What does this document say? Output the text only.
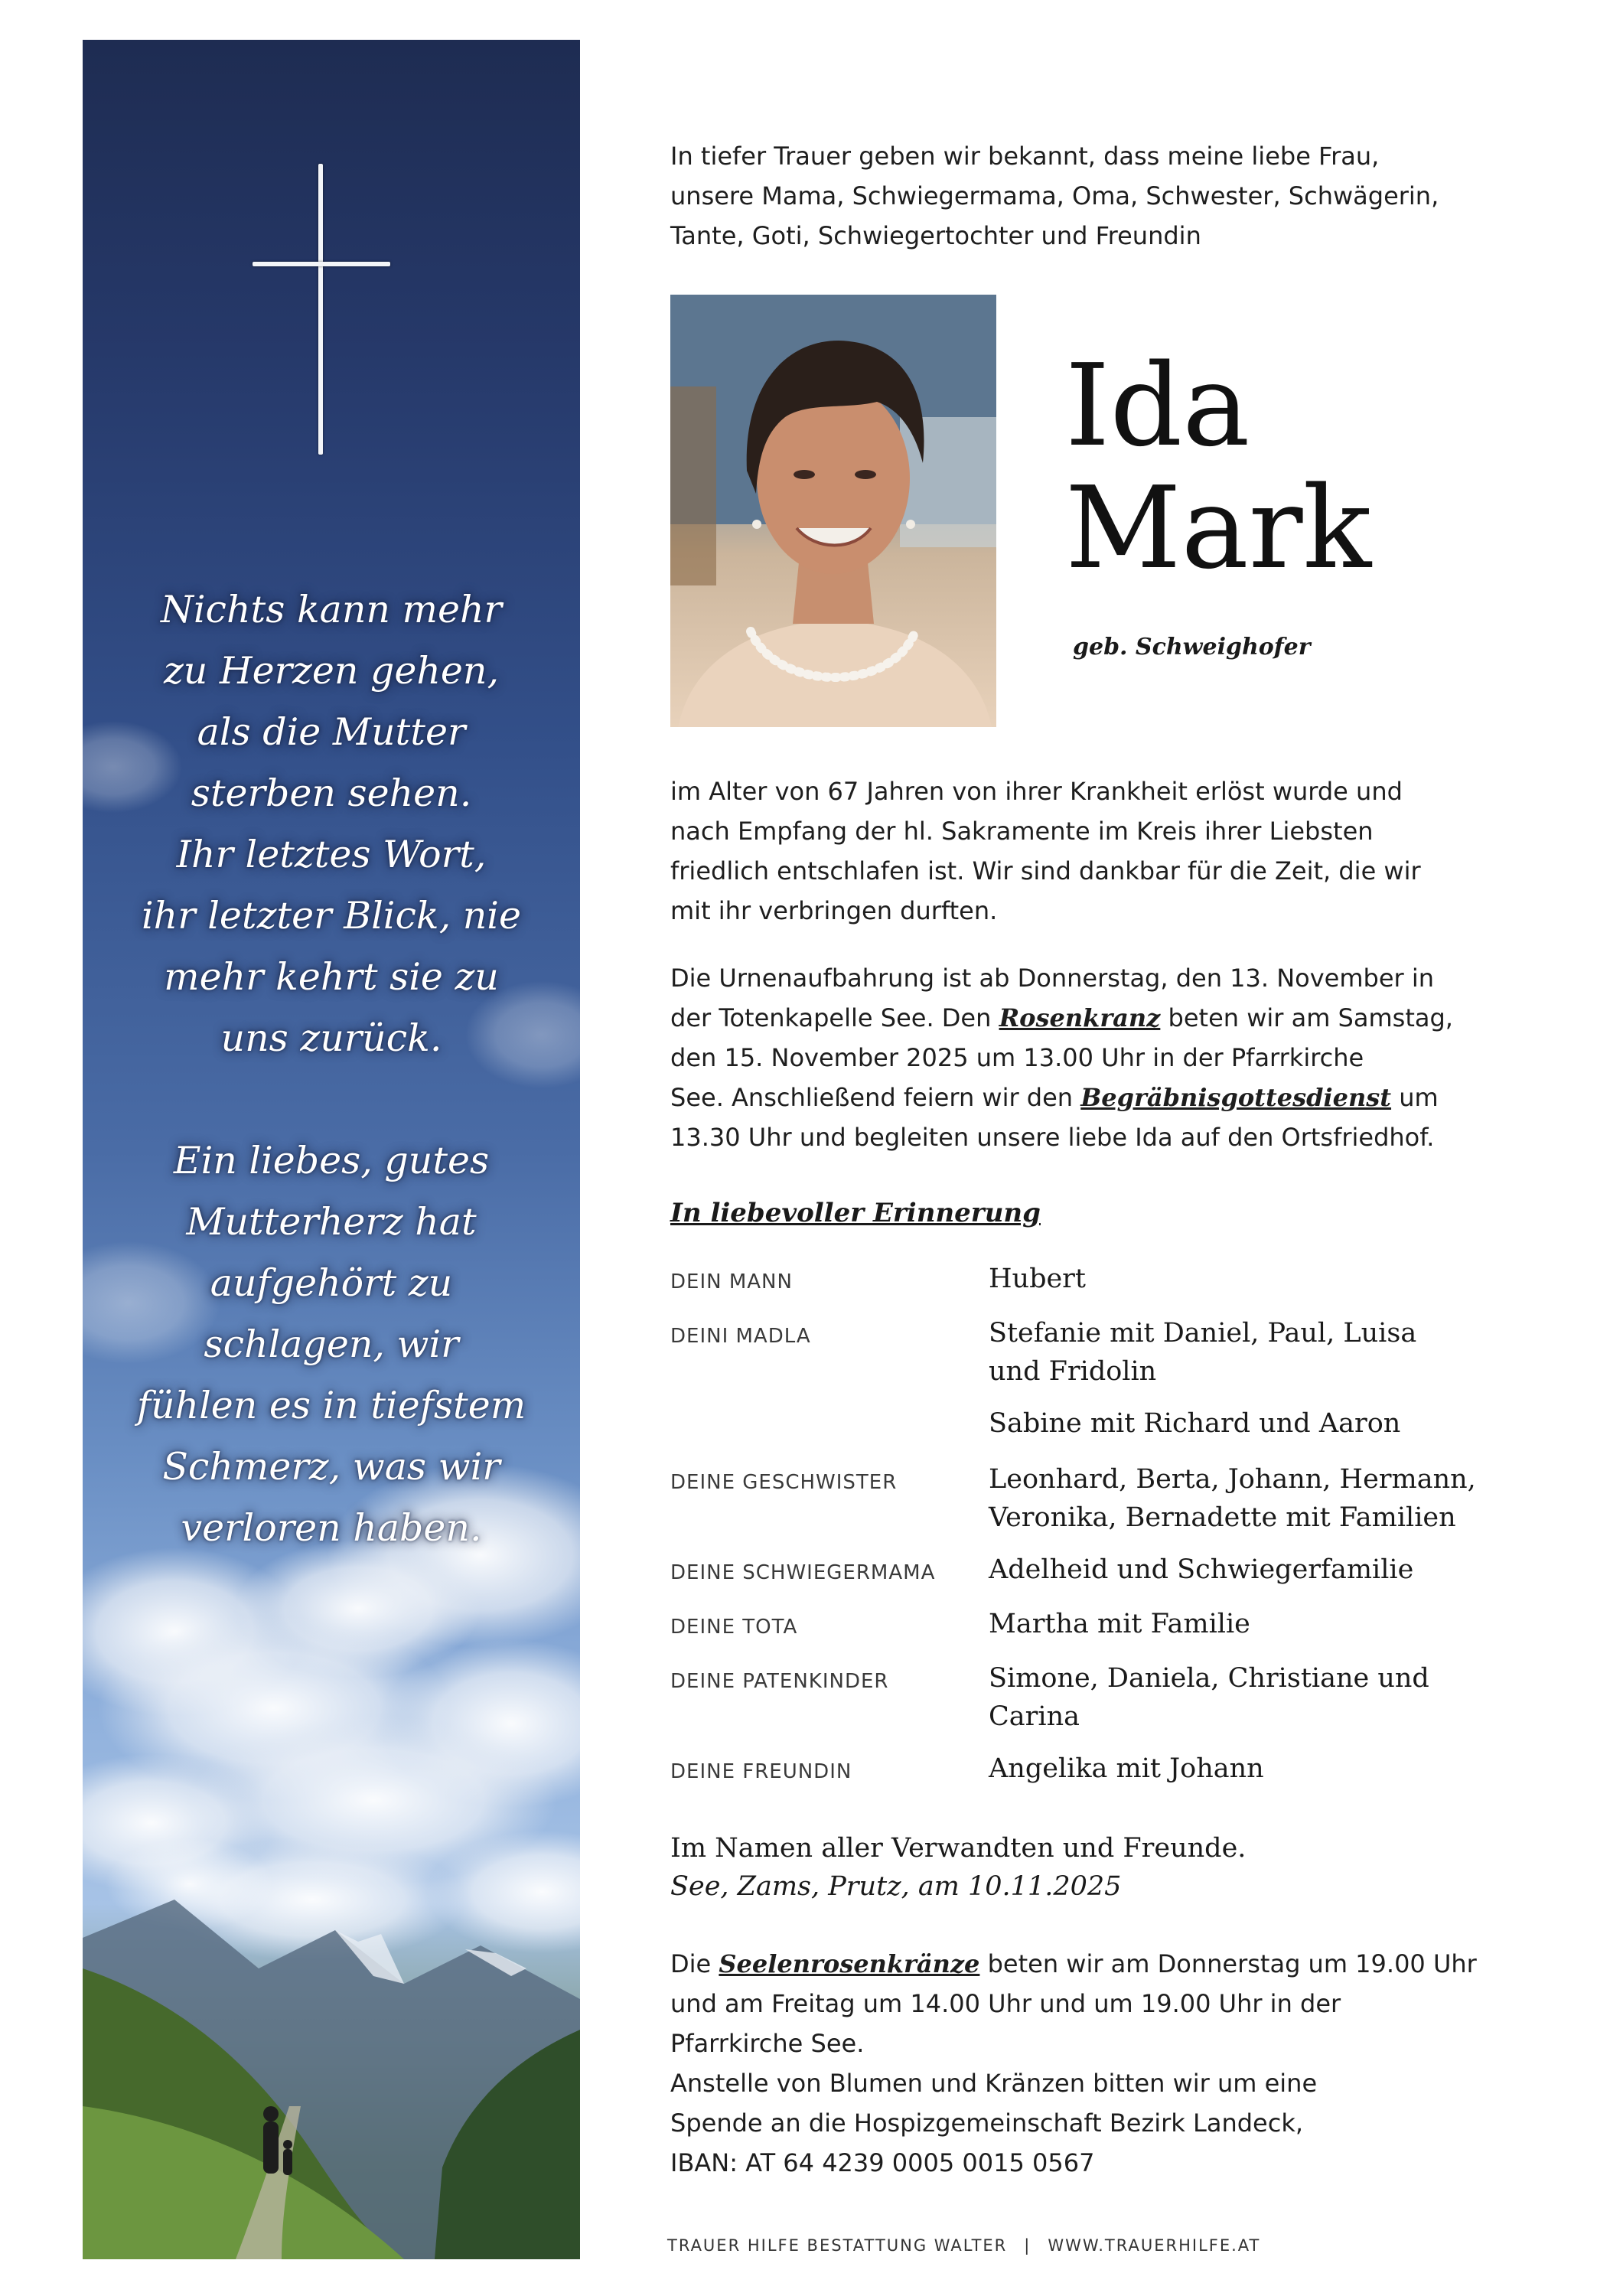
Nichts kann mehr
zu Herzen gehen,
als die Mutter
sterben sehen.
Ihr letztes Wort,
ihr letzter Blick, nie
mehr kehrt sie zu
uns zurück.
Ein liebes, gutes
Mutterherz hat
aufgehört zu
schlagen, wir
fühlen es in tiefstem
Schmerz, was wir
verloren haben.
In tiefer Trauer geben wir bekannt, dass meine liebe Frau,
unsere Mama, Schwiegermama, Oma, Schwester, Schwägerin,
Tante, Goti, Schwiegertochter und Freundin
Ida
Mark
geb. Schweighofer
im Alter von 67 Jahren von ihrer Krankheit erlöst wurde und
nach Empfang der hl. Sakramente im Kreis ihrer Liebsten
friedlich entschlafen ist. Wir sind dankbar für die Zeit, die wir
mit ihr verbringen durften.
Die Urnenaufbahrung ist ab Donnerstag, den 13. November in
der Totenkapelle See. Den Rosenkranz beten wir am Samstag,
den 15. November 2025 um 13.00 Uhr in der Pfarrkirche
See. Anschließend feiern wir den Begräbnisgottesdienst um
13.30 Uhr und begleiten unsere liebe Ida auf den Ortsfriedhof.
In liebevoller Erinnerung
DEIN MANN	Hubert
DEINI MADLA	Stefanie mit Daniel, Paul, Luisa
und Fridolin
Sabine mit Richard und Aaron
DEINE GESCHWISTER	Leonhard, Berta, Johann, Hermann,
Veronika, Bernadette mit Familien
DEINE SCHWIEGERMAMA Adelheid und Schwiegerfamilie
DEINE TOTA	Martha mit Familie
DEINE PATENKINDER	Simone, Daniela, Christiane und
Carina
DEINE FREUNDIN	Angelika mit Johann
Im Namen aller Verwandten und Freunde.
See, Zams, Prutz, am 10.11.2025
Die Seelenrosenkränze beten wir am Donnerstag um 19.00 Uhr
und am Freitag um 14.00 Uhr und um 19.00 Uhr in der
Pfarrkirche See.
Anstelle von Blumen und Kränzen bitten wir um eine
Spende an die Hospizgemeinschaft Bezirk Landeck,
IBAN: AT 64 4239 0005 0015 0567
TRAUER HILFE BESTATTUNG WALTER | WWW.TRAUERHILFE.AT
